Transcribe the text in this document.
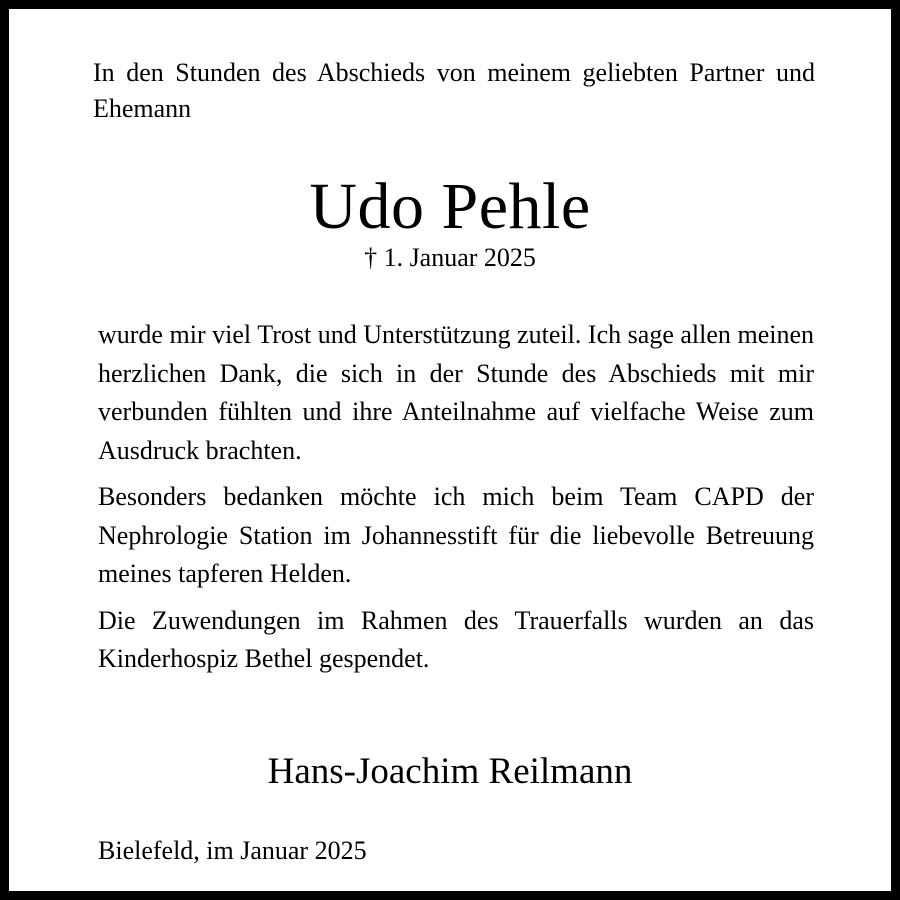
In den Stunden des Abschieds von meinem geliebten Partner und Ehemann
Udo Pehle
† 1. Januar 2025

wurde mir viel Trost und Unterstützung zuteil. Ich sage allen meinen herzlichen Dank, die sich in der Stunde des Abschieds mit mir verbunden fühlten und ihre Anteilnahme auf vielfache Weise zum Ausdruck brachten.

Besonders bedanken möchte ich mich beim Team CAPD der Nephrologie Station im Johannesstift für die liebevolle Betreuung meines tapferen Helden.

Die Zuwendungen im Rahmen des Trauerfalls wurden an das Kinderhospiz Bethel gespendet.

Hans-Joachim Reilmann
Bielefeld, im Januar 2025
